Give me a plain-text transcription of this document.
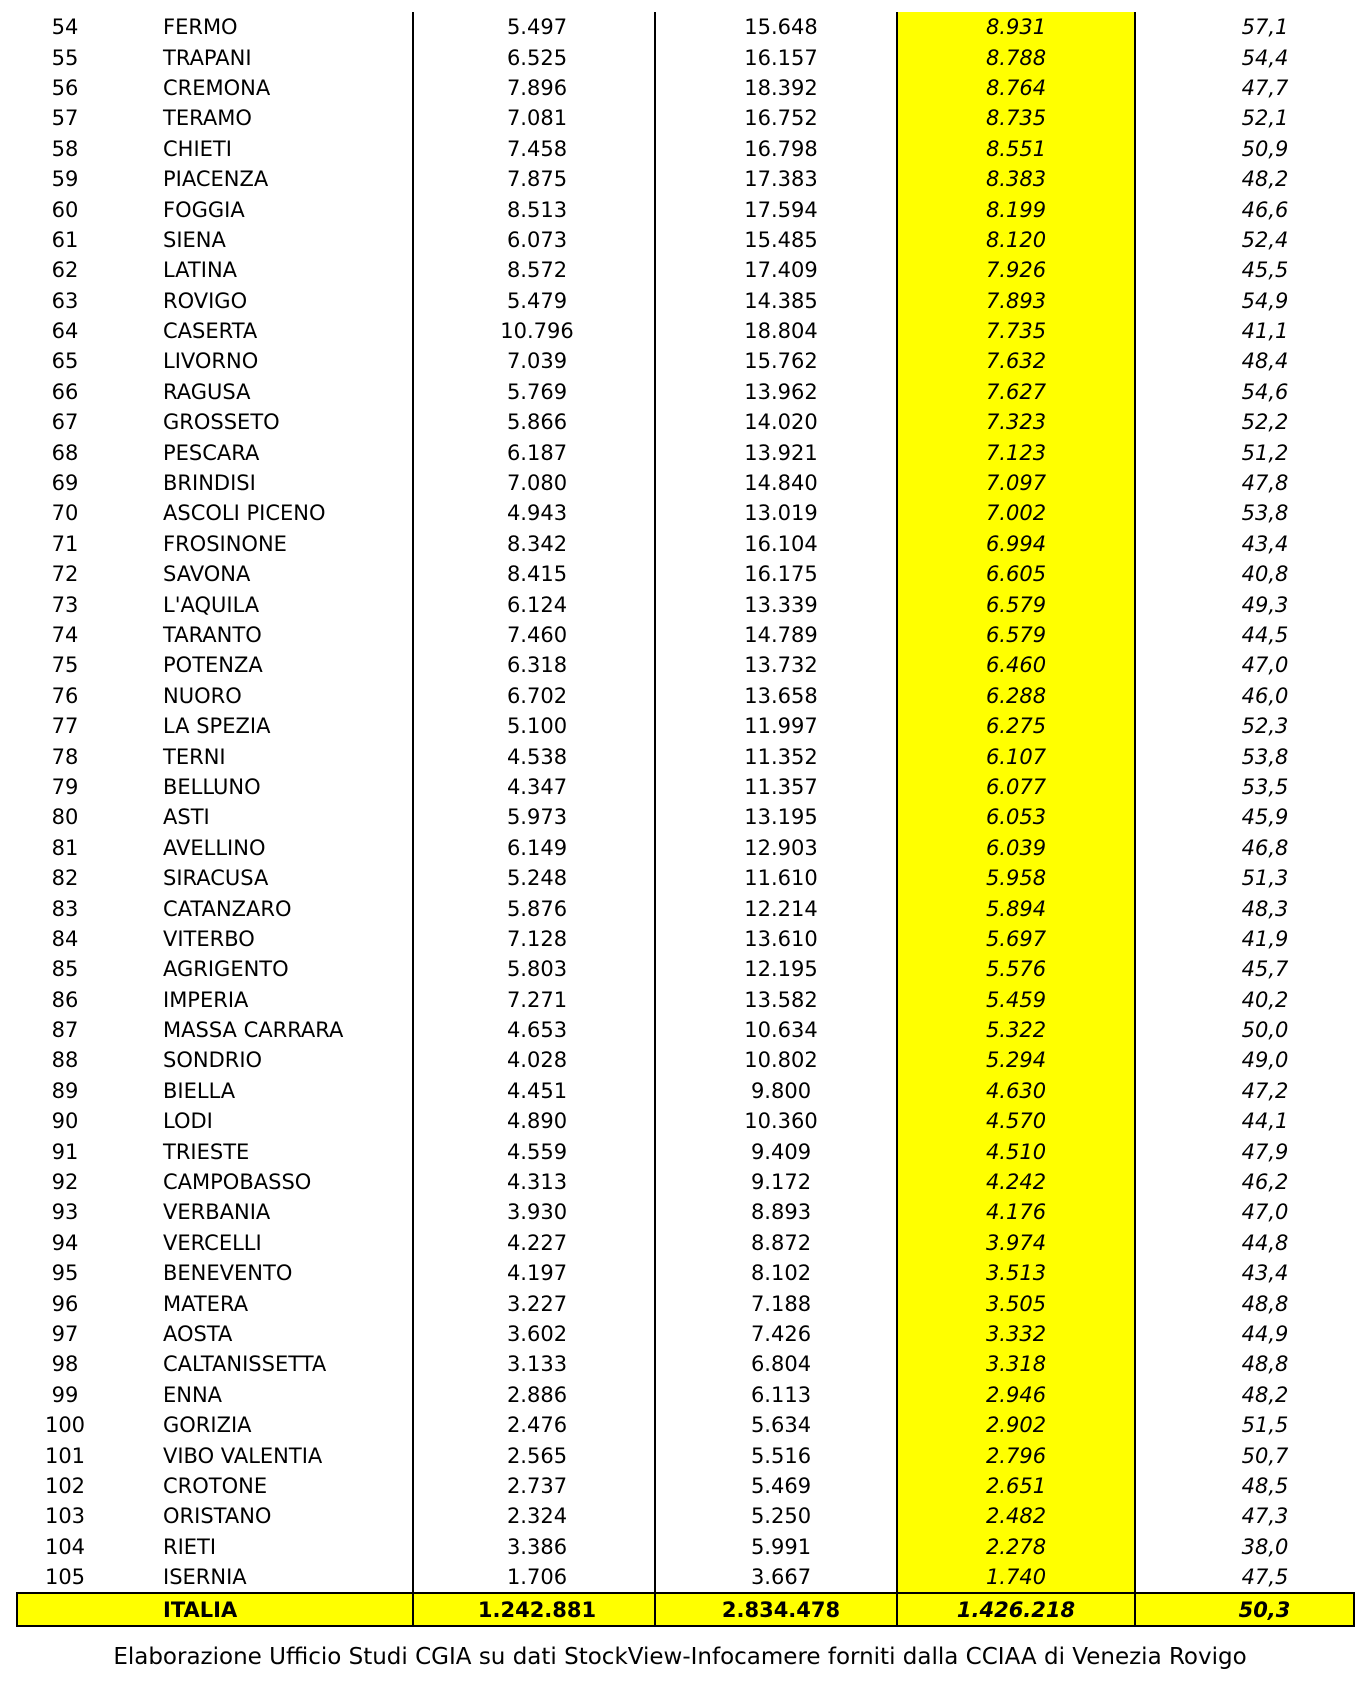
54	FERMO	5.497	15.648	8.931	57,1
55	TRAPANI	6.525	16.157	8.788	54,4
56	CREMONA	7.896	18.392	8.764	47,7
57	TERAMO	7.081	16.752	8.735	52,1
58	CHIETI	7.458	16.798	8.551	50,9
59	PIACENZA	7.875	17.383	8.383	48,2
60	FOGGIA	8.513	17.594	8.199	46,6
61	SIENA	6.073	15.485	8.120	52,4
62	LATINA	8.572	17.409	7.926	45,5
63	ROVIGO	5.479	14.385	7.893	54,9
64	CASERTA	10.796	18.804	7.735	41,1
65	LIVORNO	7.039	15.762	7.632	48,4
66	RAGUSA	5.769	13.962	7.627	54,6
67	GROSSETO	5.866	14.020	7.323	52,2
68	PESCARA	6.187	13.921	7.123	51,2
69	BRINDISI	7.080	14.840	7.097	47,8
70	ASCOLI PICENO	4.943	13.019	7.002	53,8
71	FROSINONE	8.342	16.104	6.994	43,4
72	SAVONA	8.415	16.175	6.605	40,8
73	L'AQUILA	6.124	13.339	6.579	49,3
74	TARANTO	7.460	14.789	6.579	44,5
75	POTENZA	6.318	13.732	6.460	47,0
76	NUORO	6.702	13.658	6.288	46,0
77	LA SPEZIA	5.100	11.997	6.275	52,3
78	TERNI	4.538	11.352	6.107	53,8
79	BELLUNO	4.347	11.357	6.077	53,5
80	ASTI	5.973	13.195	6.053	45,9
81	AVELLINO	6.149	12.903	6.039	46,8
82	SIRACUSA	5.248	11.610	5.958	51,3
83	CATANZARO	5.876	12.214	5.894	48,3
84	VITERBO	7.128	13.610	5.697	41,9
85	AGRIGENTO	5.803	12.195	5.576	45,7
86	IMPERIA	7.271	13.582	5.459	40,2
87	MASSA CARRARA	4.653	10.634	5.322	50,0
88	SONDRIO	4.028	10.802	5.294	49,0
89	BIELLA	4.451	9.800	4.630	47,2
90	LODI	4.890	10.360	4.570	44,1
91	TRIESTE	4.559	9.409	4.510	47,9
92	CAMPOBASSO	4.313	9.172	4.242	46,2
93	VERBANIA	3.930	8.893	4.176	47,0
94	VERCELLI	4.227	8.872	3.974	44,8
95	BENEVENTO	4.197	8.102	3.513	43,4
96	MATERA	3.227	7.188	3.505	48,8
97	AOSTA	3.602	7.426	3.332	44,9
98	CALTANISSETTA	3.133	6.804	3.318	48,8
99	ENNA	2.886	6.113	2.946	48,2
100	GORIZIA	2.476	5.634	2.902	51,5
101	VIBO VALENTIA	2.565	5.516	2.796	50,7
102	CROTONE	2.737	5.469	2.651	48,5
103	ORISTANO	2.324	5.250	2.482	47,3
104	RIETI	3.386	5.991	2.278	38,0
105	ISERNIA	1.706	3.667	1.740	47,5
	ITALIA	1.242.881	2.834.478	1.426.218	50,3
Elaborazione Ufficio Studi CGIA su dati StockView-Infocamere forniti dalla CCIAA di Venezia Rovigo
